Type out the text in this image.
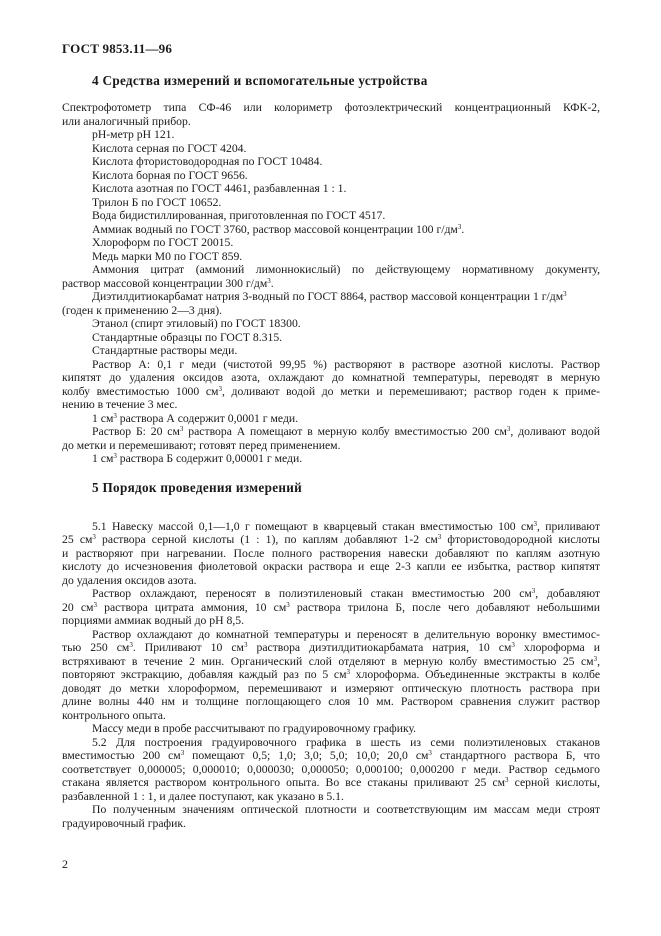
ГОСТ 9853.11—96
4 Средства измерений и вспомогательные устройства
Спектрофотометр типа СФ-46 или колориметр фотоэлектрический концентрационный КФК-2,
или аналогичный прибор.
рН-метр рН 121.
Кислота серная по ГОСТ 4204.
Кислота фтористоводородная по ГОСТ 10484.
Кислота борная по ГОСТ 9656.
Кислота азотная по ГОСТ 4461, разбавленная 1 : 1.
Трилон Б по ГОСТ 10652.
Вода бидистиллированная, приготовленная по ГОСТ 4517.
Аммиак водный по ГОСТ 3760, раствор массовой концентрации 100 $г/дм^3$.
Хлороформ по ГОСТ 20015.
Медь марки М0 по ГОСТ 859.
Аммония цитрат (аммоний лимоннокислый) по действующему нормативному документу,
раствор массовой концентрации 300 $г/дм^3$.
Диэтилдитиокарбамат натрия 3-водный по ГОСТ 8864, раствор массовой концентрации 1 $г/дм^3$
(годен к применению 2—3 дня).
Этанол (спирт этиловый) по ГОСТ 18300.
Стандартные образцы по ГОСТ 8.315.
Стандартные растворы меди.
Раствор А: 0,1 г меди (чистотой 99,95 %) растворяют в растворе азотной кислоты. Раствор
кипятят до удаления оксидов азота, охлаждают до комнатной температуры, переводят в мерную
колбу вместимостью 1000 $см^3$, доливают водой до метки и перемешивают; раствор годен к приме-
нению в течение 3 мес.
1 $см^3$ раствора А содержит 0,0001 г меди.
Раствор Б: 20 $см^3$ раствора А помещают в мерную колбу вместимостью 200 $см^3$, доливают водой
до метки и перемешивают; готовят перед применением.
1 $см^3$ раствора Б содержит 0,00001 г меди.
5 Порядок проведения измерений
5.1 Навеску массой 0,1—1,0 г помещают в кварцевый стакан вместимостью 100 $см^3$, приливают
25 $см^3$ раствора серной кислоты (1 : 1), по каплям добавляют 1-2 $см^3$ фтористоводородной кислоты
и растворяют при нагревании. После полного растворения навески добавляют по каплям азотную
кислоту до исчезновения фиолетовой окраски раствора и еще 2-3 капли ее избытка, раствор кипятят
до удаления оксидов азота.
Раствор охлаждают, переносят в полиэтиленовый стакан вместимостью 200 $см^3$, добавляют
20 $см^3$ раствора цитрата аммония, 10 $см^3$ раствора трилона Б, после чего добавляют небольшими
порциями аммиак водный до рН 8,5.
Раствор охлаждают до комнатной температуры и переносят в делительную воронку вместимос-
тью 250 $см^3$. Приливают 10 $см^3$ раствора диэтилдитиокарбамата натрия, 10 $см^3$ хлороформа и
встряхивают в течение 2 мин. Органический слой отделяют в мерную колбу вместимостью 25 $см^3$,
повторяют экстракцию, добавляя каждый раз по 5 $см^3$ хлороформа. Объединенные экстракты в колбе
доводят до метки хлороформом, перемешивают и измеряют оптическую плотность раствора при
длине волны 440 нм и толщине поглощающего слоя 10 мм. Раствором сравнения служит раствор
контрольного опыта.
Массу меди в пробе рассчитывают по градуировочному графику.
5.2 Для построения градуировочного графика в шесть из семи полиэтиленовых стаканов
вместимостью 200 $см^3$ помещают 0,5; 1,0; 3,0; 5,0; 10,0; 20,0 $см^3$ стандартного раствора Б, что
соответствует 0,000005; 0,000010; 0,000030; 0,000050; 0,000100; 0,000200 г меди. Раствор седьмого
стакана является раствором контрольного опыта. Во все стаканы приливают 25 $см^3$ серной кислоты,
разбавленной 1 : 1, и далее поступают, как указано в 5.1.
По полученным значениям оптической плотности и соответствующим им массам меди строят
градуировочный график.
2
